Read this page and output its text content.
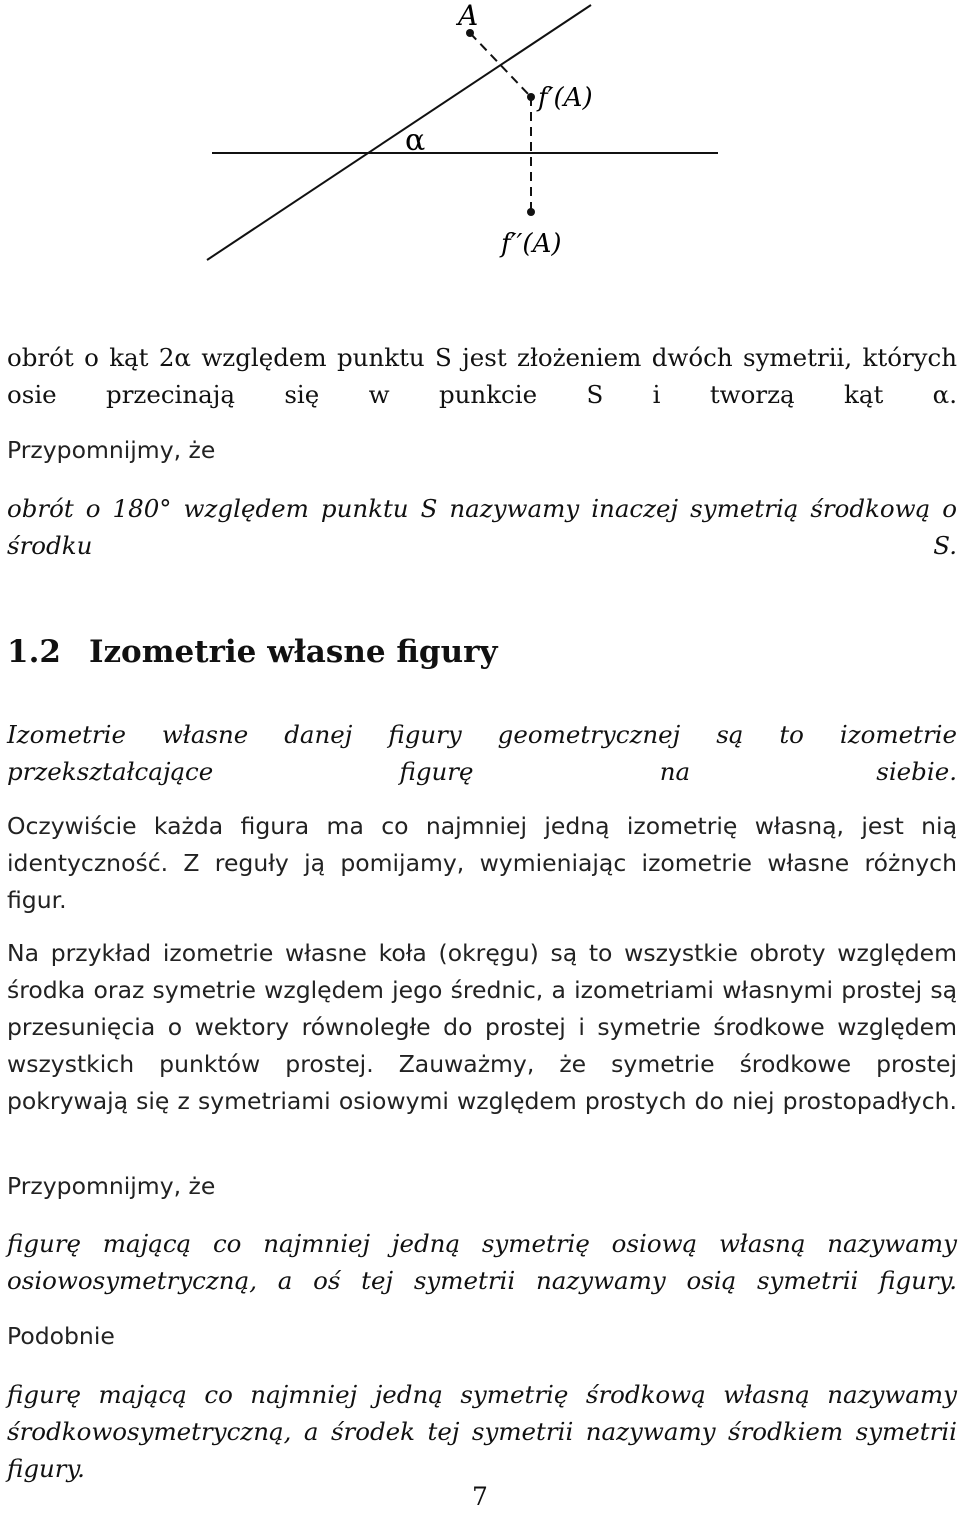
A
α
f′(A)
f′′(A)

obrót o kąt 2α względem punktu S jest złożeniem dwóch symetrii, których osie przecinają się w punkcie S i tworzą kąt α.

Przypomnijmy, że

obrót o 180° względem punktu S nazywamy inaczej symetrią środkową o środku S.

1.2 Izometrie własne figury

Izometrie własne danej figury geometrycznej są to izometrie przekształcające figurę na siebie.

Oczywiście każda figura ma co najmniej jedną izometrię własną, jest nią identyczność. Z reguły ją pomijamy, wymieniając izometrie własne różnych figur.

Na przykład izometrie własne koła (okręgu) są to wszystkie obroty względem środka oraz symetrie względem jego średnic, a izometriami własnymi prostej są przesunięcia o wektory równoległe do prostej i symetrie środkowe względem wszystkich punktów prostej. Zauważmy, że symetrie środkowe prostej pokrywają się z symetriami osiowymi względem prostych do niej prostopadłych.

Przypomnijmy, że

figurę mającą co najmniej jedną symetrię osiową własną nazywamy osiowosymetryczną, a oś tej symetrii nazywamy osią symetrii figury.

Podobnie

figurę mającą co najmniej jedną symetrię środkową własną nazywamy środkowosymetryczną, a środek tej symetrii nazywamy środkiem symetrii figury.

7
